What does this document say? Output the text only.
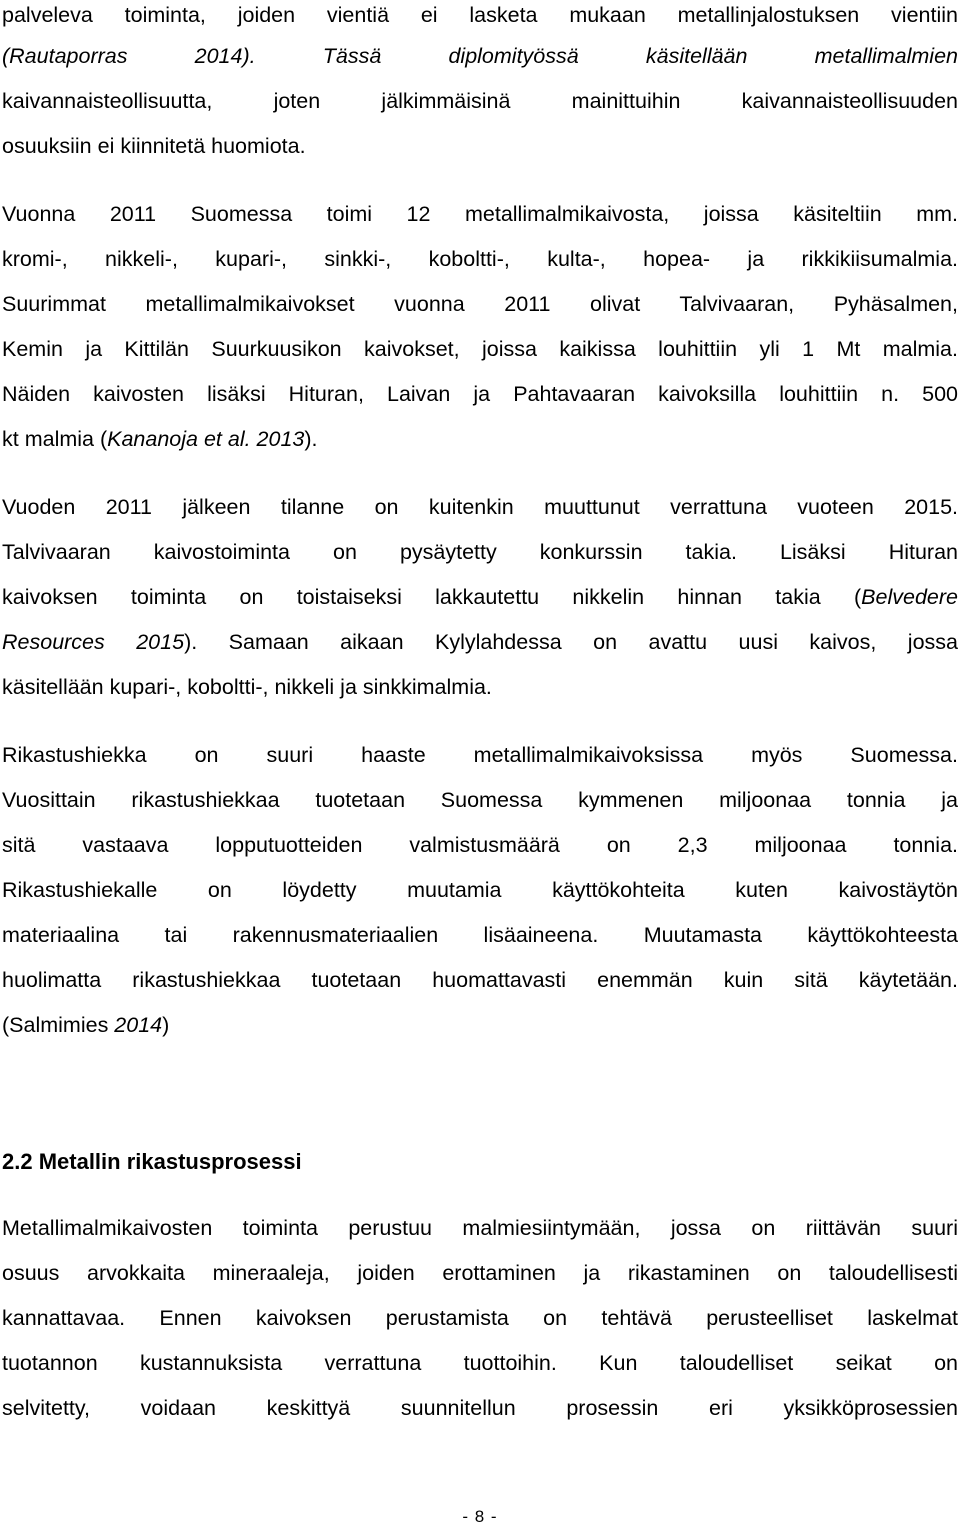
palveleva toiminta, joiden vientiä ei lasketa mukaan metallinjalostuksen vientiin
(Rautaporras 2014). Tässä diplomityössä käsitellään metallimalmien
kaivannaisteollisuutta, joten jälkimmäisinä mainittuihin kaivannaisteollisuuden
osuuksiin ei kiinnitetä huomiota.
Vuonna 2011 Suomessa toimi 12 metallimalmikaivosta, joissa käsiteltiin mm.
kromi-, nikkeli-, kupari-, sinkki-, koboltti-, kulta-, hopea- ja rikkikiisumalmia.
Suurimmat metallimalmikaivokset vuonna 2011 olivat Talvivaaran, Pyhäsalmen,
Kemin ja Kittilän Suurkuusikon kaivokset, joissa kaikissa louhittiin yli 1 Mt malmia.
Näiden kaivosten lisäksi Hituran, Laivan ja Pahtavaaran kaivoksilla louhittiin n. 500
kt malmia (Kananoja et al. 2013).
Vuoden 2011 jälkeen tilanne on kuitenkin muuttunut verrattuna vuoteen 2015.
Talvivaaran kaivostoiminta on pysäytetty konkurssin takia. Lisäksi Hituran
kaivoksen toiminta on toistaiseksi lakkautettu nikkelin hinnan takia (Belvedere
Resources 2015). Samaan aikaan Kylylahdessa on avattu uusi kaivos, jossa
käsitellään kupari-, koboltti-, nikkeli ja sinkkimalmia.
Rikastushiekka on suuri haaste metallimalmikaivoksissa myös Suomessa.
Vuosittain rikastushiekkaa tuotetaan Suomessa kymmenen miljoonaa tonnia ja
sitä vastaava lopputuotteiden valmistusmäärä on 2,3 miljoonaa tonnia.
Rikastushiekalle on löydetty muutamia käyttökohteita kuten kaivostäytön
materiaalina tai rakennusmateriaalien lisäaineena. Muutamasta käyttökohteesta
huolimatta rikastushiekkaa tuotetaan huomattavasti enemmän kuin sitä käytetään.
(Salmimies 2014)
2.2 Metallin rikastusprosessi
Metallimalmikaivosten toiminta perustuu malmiesiintymään, jossa on riittävän suuri
osuus arvokkaita mineraaleja, joiden erottaminen ja rikastaminen on taloudellisesti
kannattavaa. Ennen kaivoksen perustamista on tehtävä perusteelliset laskelmat
tuotannon kustannuksista verrattuna tuottoihin. Kun taloudelliset seikat on
selvitetty, voidaan keskittyä suunnitellun prosessin eri yksikköprosessien
- 8 -
